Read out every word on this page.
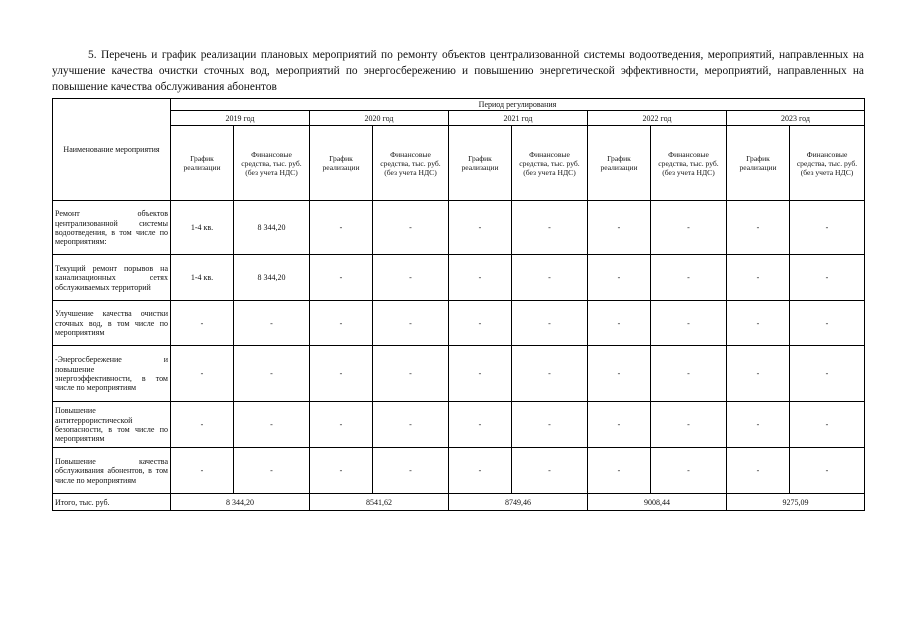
5. Перечень и график реализации плановых мероприятий по ремонту объектов централизованной системы водоотведения, мероприятий, направленных на улучшение качества очистки сточных вод, мероприятий по энергосбережению и повышению энергетической эффективности, мероприятий, направленных на повышение качества обслуживания абонентов

Наименование мероприятия	Период регулирования									
	2019 год		2020 год		2021 год		2022 год		2023 год	
	График реализации	Финансовые средства, тыс. руб. (без учета НДС)	График реализации	Финансовые средства, тыс. руб. (без учета НДС)	График реализации	Финансовые средства, тыс. руб. (без учета НДС)	График реализации	Финансовые средства, тыс. руб. (без учета НДС)	График реализации	Финансовые средства, тыс. руб. (без учета НДС)
Ремонт объектов централизованной системы водоотведения, в том числе по мероприятиям:	1-4 кв.	8 344,20	-	-	-	-	-	-	-	-
Текущий ремонт порывов на канализационных сетях обслуживаемых территорий	1-4 кв.	8 344,20	-	-	-	-	-	-	-	-
Улучшение качества очистки сточных вод, в том числе по мероприятиям	-	-	-	-	-	-	-	-	-	-
-Энергосбережение и повышение энергоэффективности, в том числе по мероприятиям	-	-	-	-	-	-	-	-	-	-
Повышение антитеррористической безопасности, в том числе по мероприятиям	-	-	-	-	-	-	-	-	-	-
Повышение качества обслуживания абонентов, в том числе по мероприятиям	-	-	-	-	-	-	-	-	-	-
Итого, тыс. руб.	8 344,20		8541,62		8749,46		9008,44		9275,09	
